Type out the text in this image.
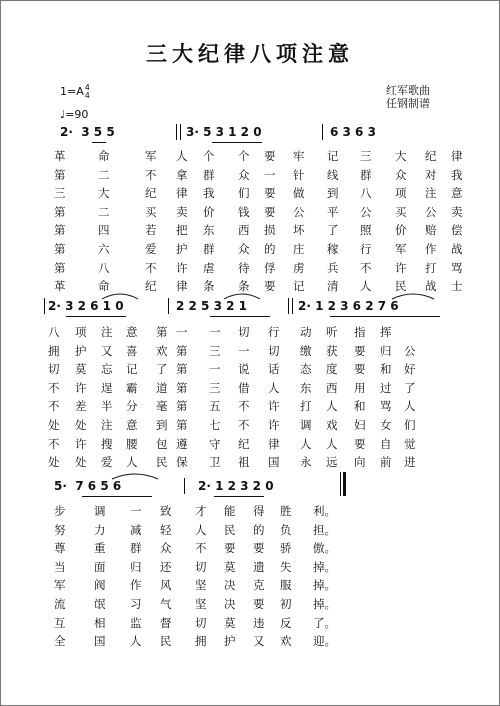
三大纪律八项注意
1=A 4
4
♩=90
红军歌曲
任钢制谱
2·  3 5 5	3· 5 3 1 2 0	6 3 6 3
革	命	军 人 个 个 要 牢 记 三 大 纪 律
第	二	不 拿 群 众 一 针 线 群 众 对 我
三	大	纪 律 我 们 要 做 到 八 项 注 意
第	二	买 卖 价 钱 要 公 平 公 买 公 卖
第	四	若 把 东 西 损 坏 了 照 价 赔 偿
第	六	爱 护 群 众 的 庄 稼 行 军 作 战
第	八	不 许 虐 待 俘 虏 兵 不 许 打 骂
革	命	纪 律 条 条 要 记 清 人 民 战 士
2· 3 2 6 1 0	2 2 5 3 2 1	2· 1 2 3 6 2 7 6
八 项 注 意 第 一 一 切 行 动 听 指 挥
拥 护 又 喜 欢 第 三 一 切 缴 获 要 归 公
切 莫 忘 记 了 第 一 说 话 态 度 要 和 好
不 许 逞 霸 道 第 三 借 人 东 西 用 过 了
不 差 半 分 毫 第 五 不 许 打 人 和 骂 人
处 处 注 意 到 第 七 不 许 调 戏 妇 女 们
不 许 搜 腰 包 遵 守 纪 律 人 人 要 自 觉
处 处 爱 人 民 保 卫 祖 国 永 远 向 前 进
5·  7 6 5 6	2· 1 2 3 2 0
步 调 一 致 才 能 得 胜 利。
努 力 减 轻 人 民 的 负 担。
尊 重 群 众 不 要 要 骄 傲。
当 面 归 还 切 莫 遗 失 掉。
军 阀 作 风 坚 决 克 服 掉。
流 氓 习 气 坚 决 要 初 掉。
互 相 监 督 切 莫 违 反 了。
全 国 人 民 拥 护 又 欢 迎。
